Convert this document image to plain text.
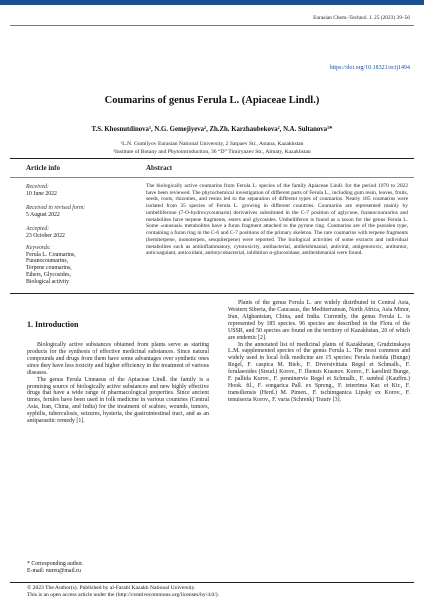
Eurasian Chem.-Technol. J. 25 (2023) 39–56
https://doi.org/10.18321/ectj1494
Coumarins of genus Ferula L. (Apiaceae Lindl.)
T.S. Khosnutdinova¹, N.G. Gemejiyeva², Zh.Zh. Karzhaubekova², N.A. Sultanova¹*
¹L.N. Gumilyov Eurasian National University, 2 Satpaev Str., Astana, Kazakhstan
²Institute of Botany and Phytointroduction, 36 “D” Timiryazev Str., Almaty, Kazakhstan
Article info	Abstract
Received:
10 June 2022
Received in revised form:
5 August 2022
Accepted:
23 October 2022
Keywords:
Ferula L. Coumarins,
Furanocoumarins,
Terpene coumarins,
Ethers, Glycosides,
Biological activity
The biologically active coumarins from Ferula L. species of the family Apiaceae Lindl. for the period 1970 to 2022 have been reviewed. The phytochemical investigation of different parts of Ferula L., including gum resin, leaves, fruits, seeds, roots, rhizomes, and resins led to the separation of different types of coumarins. Nearly 185 coumarins were isolated from 35 species of Ferula L. growing in different countries. Coumarins are represented mainly by umbelliferone (7-O-hydroxycoumarin) derivatives substituted in the C-7 position of aglycone, furanocoumarins and metabolites have terpene fragments, esters and glycosides. Umbelliferon is found as a taxon for the genus Ferula L. Some «unusual» metabolites have a furan fragment attached to the pyrone ring. Coumarins are of the psoralen type, containing a furan ring in the C-6 and C-7 positions of the primary skeleton. The rare coumarins with terpene fragments (hemiterpene, monoterpen, sesquiterpene) were reported. The biological activities of some extracts and individual metabolites such as antiinflammatory, cytotoxicity, antibacterial, antileishmanial, antiviral, antigenotoxic, antitumor, anticoagulant, antioxidant, antimycobacterial, inhibition α-glucosidase, antileishmanial were found.
1. Introduction

Biologically active substances obtained from plants serve as starting products for the synthesis of effective medicinal substances. Since natural compounds and drugs from them have some advantages over synthetic ones since they have less toxicity and higher efficiency in the treatment of various diseases.

The genus Ferula Linnaeus of the Apiaceae Lindl. the family is a promising source of biologically active substances and new highly effective drugs that have a wide range of pharmacological properties. Since ancient times, ferules have been used in folk medicine in various countries (Central Asia, Iran, China, and India) for the treatment of scabies, wounds, tumors, syphilis, tuberculosis, seizures, hysteria, the gastrointestinal tract, and as an antiparasitic remedy [1].

* Corresponding author.
E-mail: nureu@mail.ru

Plants of the genus Ferula L. are widely distributed in Central Asia, Western Siberia, the Caucasus, the Mediterranean, North Africa, Asia Minor, Iran, Afghanistan, China, and India. Currently, the genus Ferula L. is represented by 185 species. 96 species are described in the Flora of the USSR, and 50 species are found on the territory of Kazakhstan, 20 of which are endemic [2].

In the annotated list of medicinal plants of Kazakhstan, Grudzinskaya L.M. supplemented species of the genus Ferula L. The most common and widely used in local folk medicine are 15 species: Ferula foetida (Bunge) Regel, F. caspica M. Bieb., F. Diversivittata Regel et Schmalh., F. ferulaeoides (Steud.) Korov., F. Iliensis Krasnov. Korov., F. karelinii Bunge, F. pallida Korov., F. penninervis Regel et Schmalh., F. sumbul (Kauffm.) Hook. fil., F. songarica Pall. ex Spreng., F. teterrima Kar. et Kir., F. transiliensis (Herd.) M. Pimen., F. tschimganica Lipsky ex Korov., F. tenuisecta Korov., F. varia (Schrenk) Trautv [3].

© 2023 The Author(s). Published by al-Farabi Kazakh National University.
This is an open access article under the (http://creativecommons.org/licenses/by/4.0/).
